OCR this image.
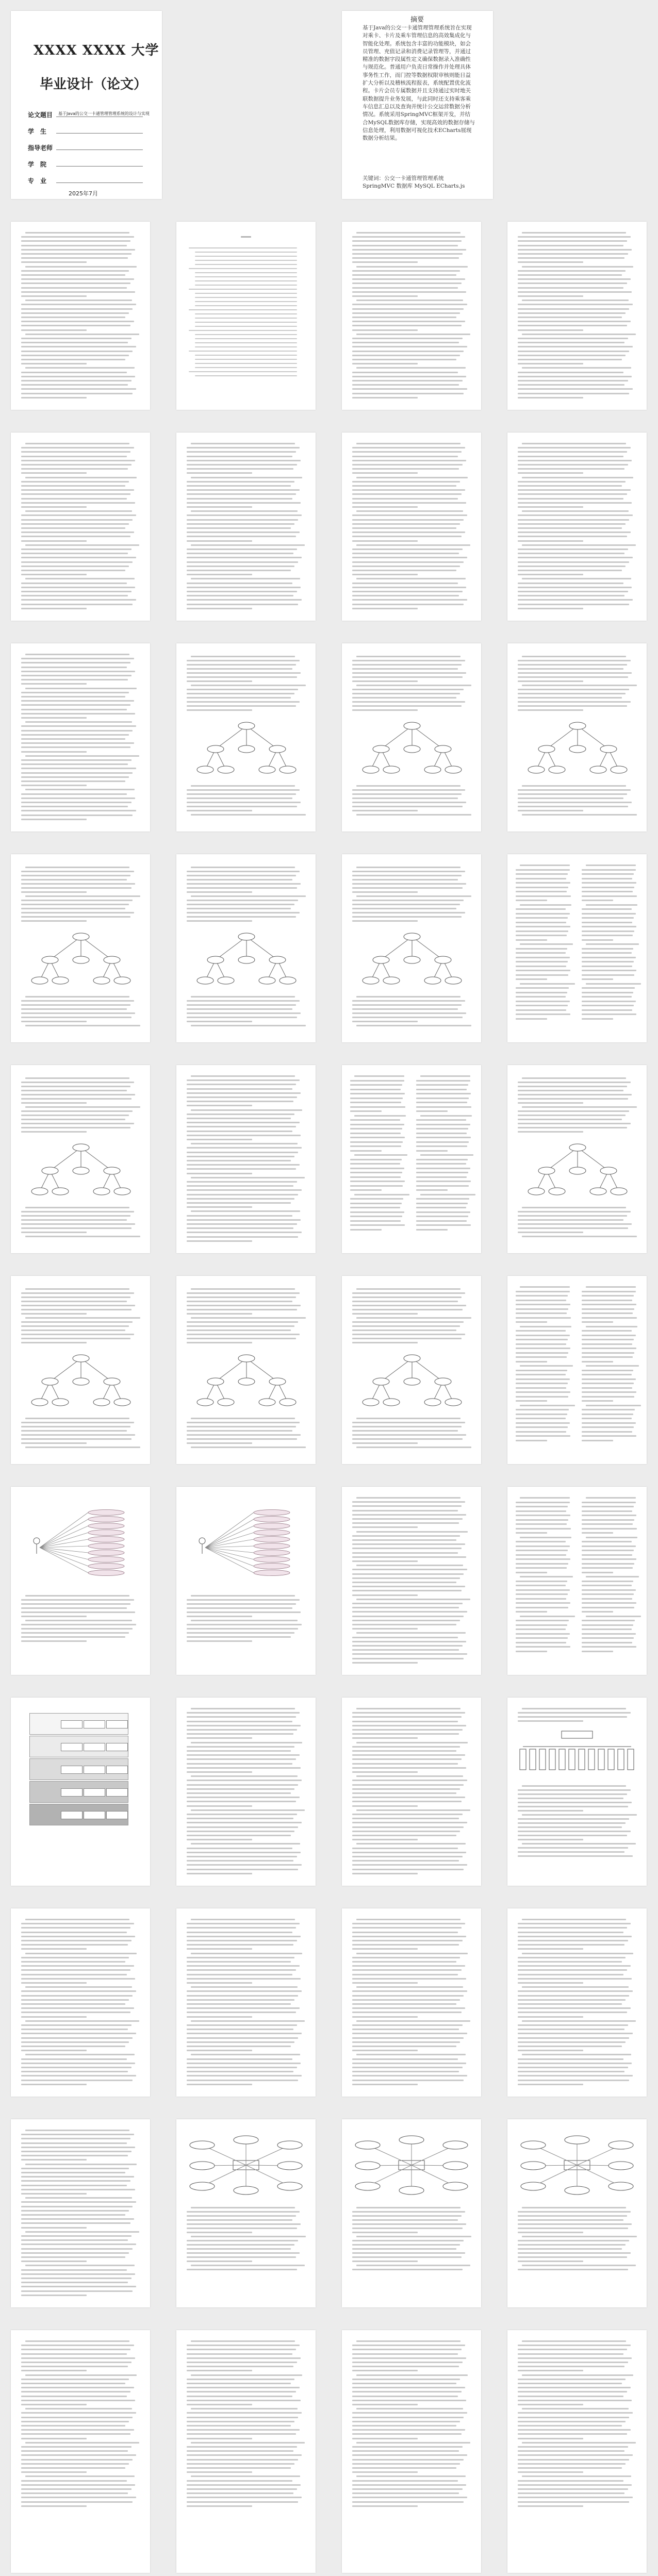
XXXX XXXX 大学
毕业设计（论文）
论文题目 基于Java的公交一卡通管理管理系统的设计与实现
学　生
指导老师
学　院
专　业
2025年7月
摘要
基于Java的公交一卡通管理管理系统旨在实现对乘卡、卡片及乘车管理信息的高效集成化与智能化处理。系统包含丰富的功能模块，如会员管理、充值记录和消费记录管理等，并通过精准的数据字段属性定义确保数据录入准确性与规范化。普通用户负责日常操作并处理具体事务性工作，而门控等数据权限审核则能日益扩大分析以及稽核流程报表，系统配置优化流程。卡片会员专属数据并且支持通过实时地关联数据提升业务发展，与此同时还支持乘客乘车信息汇总以及查询并统计公交运营数据分析情况。系统采用SpringMVC框架开发，并结合MySQL数据库存储，实现高效的数据存储与信息处理，利用数据可视化技术ECharts展现数据分析结果。
关键词：公交一卡通管理管理系统 SpringMVC 数据库 MySQL ECharts.js
